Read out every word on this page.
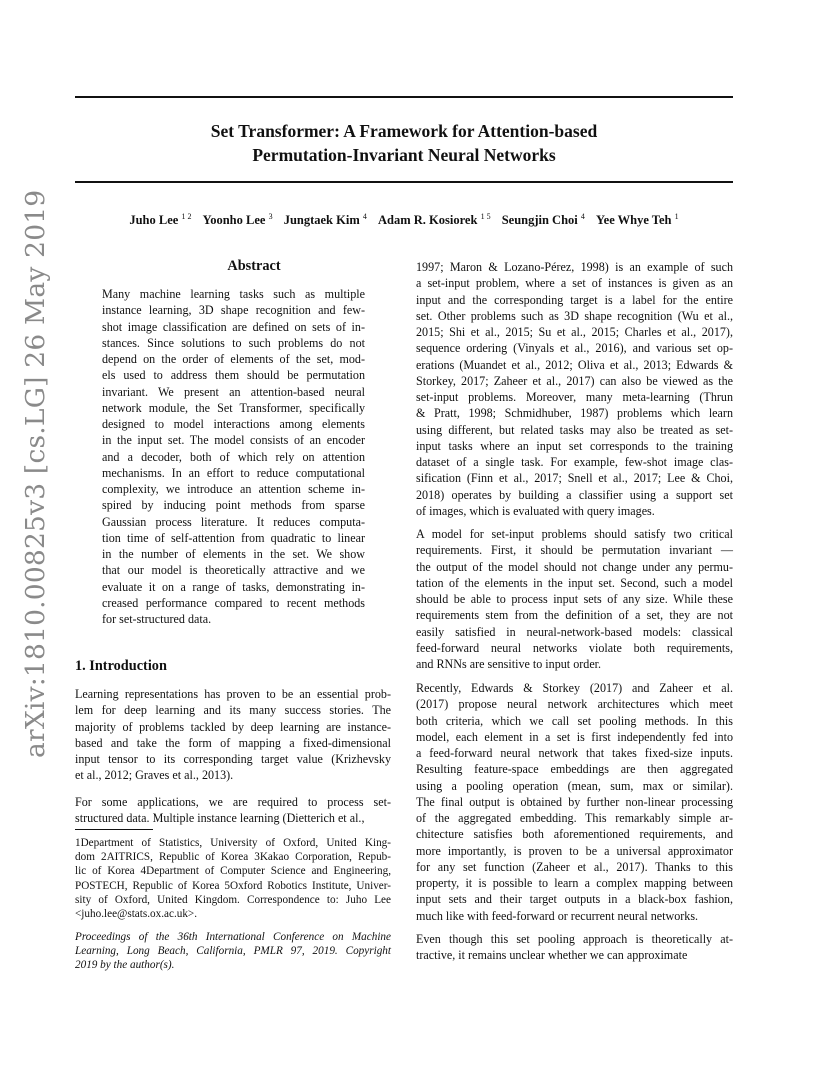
Set Transformer: A Framework for Attention-based
Permutation-Invariant Neural Networks
Juho Lee $^{1 2}$ Yoonho Lee $^3$ Jungtaek Kim $^4$ Adam R. Kosiorek $^{1 5}$ Seungjin Choi $^4$ Yee Whye Teh $^1$
arXiv:1810.00825v3 [cs.LG] 26 May 2019	Abstract
Many machine learning tasks such as multiple
instance learning, 3D shape recognition and few-
shot image classification are defined on sets of in-
stances. Since solutions to such problems do not
depend on the order of elements of the set, mod-
els used to address them should be permutation
invariant. We present an attention-based neural
network module, the Set Transformer, specifically
designed to model interactions among elements
in the input set. The model consists of an encoder
and a decoder, both of which rely on attention
mechanisms. In an effort to reduce computational
complexity, we introduce an attention scheme in-
spired by inducing point methods from sparse
Gaussian process literature. It reduces computa-
tion time of self-attention from quadratic to linear
in the number of elements in the set. We show
that our model is theoretically attractive and we
evaluate it on a range of tasks, demonstrating in-
creased performance compared to recent methods
for set-structured data.
1. Introduction
Learning representations has proven to be an essential prob-
lem for deep learning and its many success stories. The
majority of problems tackled by deep learning are instance-
based and take the form of mapping a fixed-dimensional
input tensor to its corresponding target value (Krizhevsky
et al., 2012; Graves et al., 2013).
For some applications, we are required to process set-
structured data. Multiple instance learning (Dietterich et al.,
1Department of Statistics, University of Oxford, United King-
dom 2AITRICS, Republic of Korea 3Kakao Corporation, Repub-
lic of Korea 4Department of Computer Science and Engineering,
POSTECH, Republic of Korea 5Oxford Robotics Institute, Univer-
sity of Oxford, United Kingdom. Correspondence to: Juho Lee
<juho.lee@stats.ox.ac.uk>.
Proceedings of the 36th International Conference on Machine
Learning, Long Beach, California, PMLR 97, 2019. Copyright
2019 by the author(s).
1997; Maron & Lozano-Pérez, 1998) is an example of such
a set-input problem, where a set of instances is given as an
input and the corresponding target is a label for the entire
set. Other problems such as 3D shape recognition (Wu et al.,
2015; Shi et al., 2015; Su et al., 2015; Charles et al., 2017),
sequence ordering (Vinyals et al., 2016), and various set op-
erations (Muandet et al., 2012; Oliva et al., 2013; Edwards &
Storkey, 2017; Zaheer et al., 2017) can also be viewed as the
set-input problems. Moreover, many meta-learning (Thrun
& Pratt, 1998; Schmidhuber, 1987) problems which learn
using different, but related tasks may also be treated as set-
input tasks where an input set corresponds to the training
dataset of a single task. For example, few-shot image clas-
sification (Finn et al., 2017; Snell et al., 2017; Lee & Choi,
2018) operates by building a classifier using a support set
of images, which is evaluated with query images.
A model for set-input problems should satisfy two critical
requirements. First, it should be permutation invariant —
the output of the model should not change under any permu-
tation of the elements in the input set. Second, such a model
should be able to process input sets of any size. While these
requirements stem from the definition of a set, they are not
easily satisfied in neural-network-based models: classical
feed-forward neural networks violate both requirements,
and RNNs are sensitive to input order.
Recently, Edwards & Storkey (2017) and Zaheer et al.
(2017) propose neural network architectures which meet
both criteria, which we call set pooling methods. In this
model, each element in a set is first independently fed into
a feed-forward neural network that takes fixed-size inputs.
Resulting feature-space embeddings are then aggregated
using a pooling operation (mean, sum, max or similar).
The final output is obtained by further non-linear processing
of the aggregated embedding. This remarkably simple ar-
chitecture satisfies both aforementioned requirements, and
more importantly, is proven to be a universal approximator
for any set function (Zaheer et al., 2017). Thanks to this
property, it is possible to learn a complex mapping between
input sets and their target outputs in a black-box fashion,
much like with feed-forward or recurrent neural networks.
Even though this set pooling approach is theoretically at-
tractive, it remains unclear whether we can approximate
